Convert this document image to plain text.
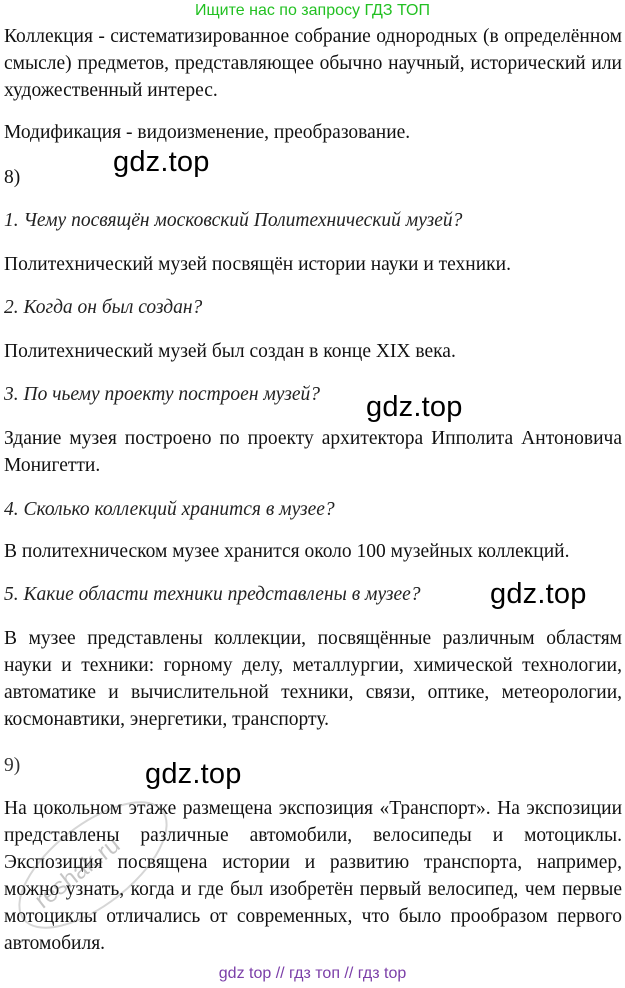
Ищите нас по запросу ГДЗ ТОП

Коллекция - систематизированное собрание однородных (в определённом смысле) предметов, представляющее обычно научный, исторический или художественный интерес.

Модификация - видоизменение, преобразование.

8)

1. Чему посвящён московский Политехнический музей?

Политехнический музей посвящён истории науки и техники.

2. Когда он был создан?

Политехнический музей был создан в конце XIX века.

3. По чьему проекту построен музей?

Здание музея построено по проекту архитектора Ипполита Антоновича Монигетти.

4. Сколько коллекций хранится в музее?

В политехническом музее хранится около 100 музейных коллекций.

5. Какие области техники представлены в музее?

В музее представлены коллекции, посвящённые различным областям науки и техники: горному делу, металлургии, химической технологии, автоматике и вычислительной техники, связи, оптике, метеорологии, космонавтики, энергетики, транспорту.

9)

На цокольном этаже размещена экспозиция «Транспорт». На экспозиции представлены различные автомобили, велосипеды и мотоциклы. Экспозиция посвящена истории и развитию транспорта, например, можно узнать, когда и где был изобретён первый велосипед, чем первые мотоциклы отличались от современных, что было прообразом первого автомобиля.

gdz.top
gdz.top
gdz.top
gdz.top
reshak.ru
gdz top // гдз топ // гдз top
